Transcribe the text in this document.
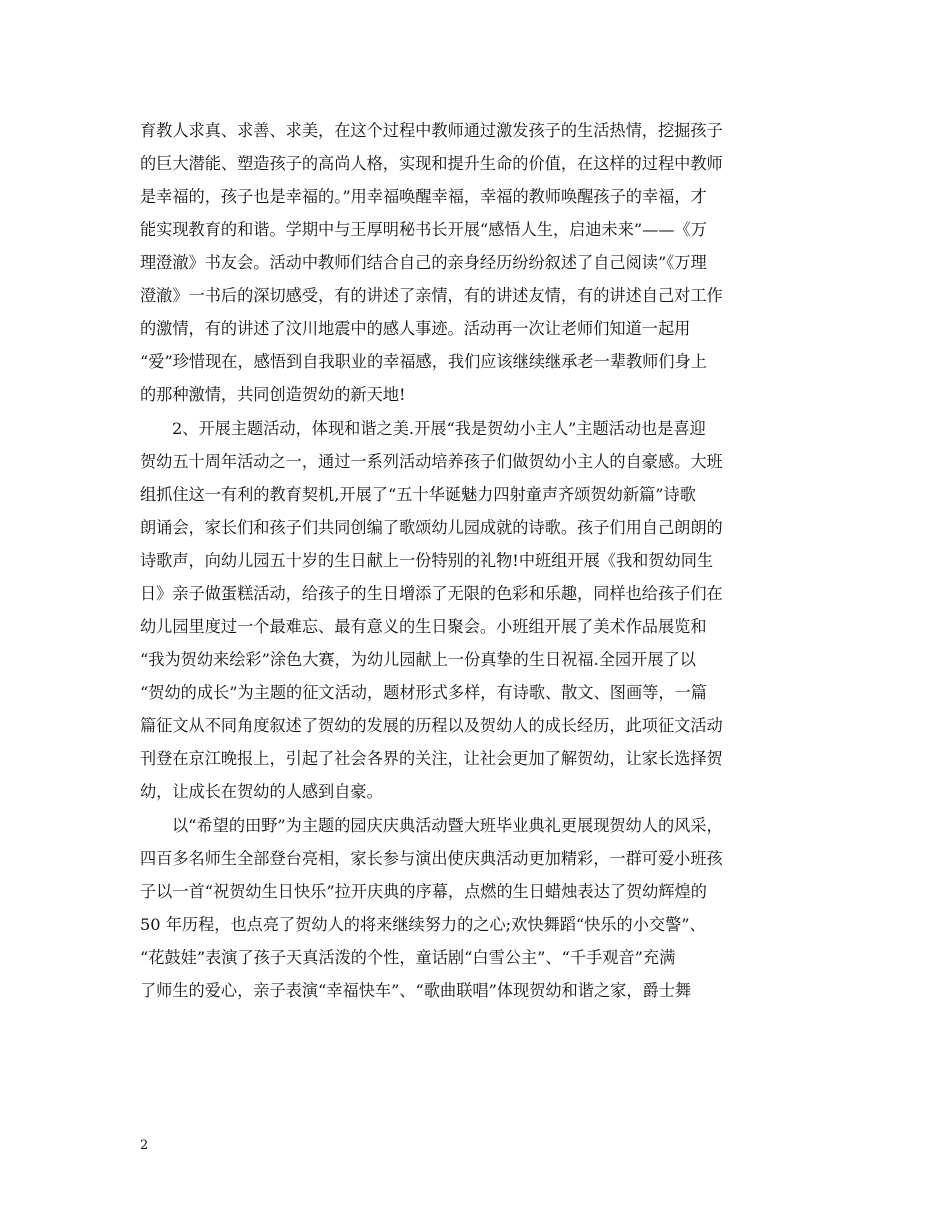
育教人求真、求善、求美，在这个过程中教师通过激发孩子的生活热情，挖掘孩子
的巨大潜能、塑造孩子的高尚人格，实现和提升生命的价值，在这样的过程中教师
是幸福的，孩子也是幸福的。”用幸福唤醒幸福，幸福的教师唤醒孩子的幸福，才
能实现教育的和谐。学期中与王厚明秘书长开展“感悟人生，启迪未来”——《万
理澄澈》书友会。活动中教师们结合自己的亲身经历纷纷叙述了自己阅读”《万理
澄澈》一书后的深切感受，有的讲述了亲情，有的讲述友情，有的讲述自己对工作
的激情，有的讲述了汶川地震中的感人事迹。活动再一次让老师们知道一起用
“爱”珍惜现在，感悟到自我职业的幸福感，我们应该继续继承老一辈教师们身上
的那种激情，共同创造贺幼的新天地!
2、开展主题活动，体现和谐之美.开展“我是贺幼小主人”主题活动也是喜迎
贺幼五十周年活动之一，通过一系列活动培养孩子们做贺幼小主人的自豪感。大班
组抓住这一有利的教育契机,开展了“五十华诞魅力四射童声齐颂贺幼新篇”诗歌
朗诵会，家长们和孩子们共同创编了歌颂幼儿园成就的诗歌。孩子们用自己朗朗的
诗歌声，向幼儿园五十岁的生日献上一份特别的礼物!中班组开展《我和贺幼同生
日》亲子做蛋糕活动，给孩子的生日增添了无限的色彩和乐趣，同样也给孩子们在
幼儿园里度过一个最难忘、最有意义的生日聚会。小班组开展了美术作品展览和
“我为贺幼来绘彩”涂色大赛，为幼儿园献上一份真挚的生日祝福.全园开展了以
“贺幼的成长”为主题的征文活动，题材形式多样，有诗歌、散文、图画等，一篇
篇征文从不同角度叙述了贺幼的发展的历程以及贺幼人的成长经历，此项征文活动
刊登在京江晚报上，引起了社会各界的关注，让社会更加了解贺幼，让家长选择贺
幼，让成长在贺幼的人感到自豪。
以“希望的田野”为主题的园庆庆典活动暨大班毕业典礼更展现贺幼人的风采，
四百多名师生全部登台亮相，家长参与演出使庆典活动更加精彩，一群可爱小班孩
子以一首“祝贺幼生日快乐”拉开庆典的序幕，点燃的生日蜡烛表达了贺幼辉煌的
50 年历程，也点亮了贺幼人的将来继续努力的之心;欢快舞蹈“快乐的小交警”、
“花鼓娃”表演了孩子天真活泼的个性，童话剧“白雪公主”、“千手观音”充满
了师生的爱心，亲子表演“幸福快车”、“歌曲联唱”体现贺幼和谐之家，爵士舞
2
